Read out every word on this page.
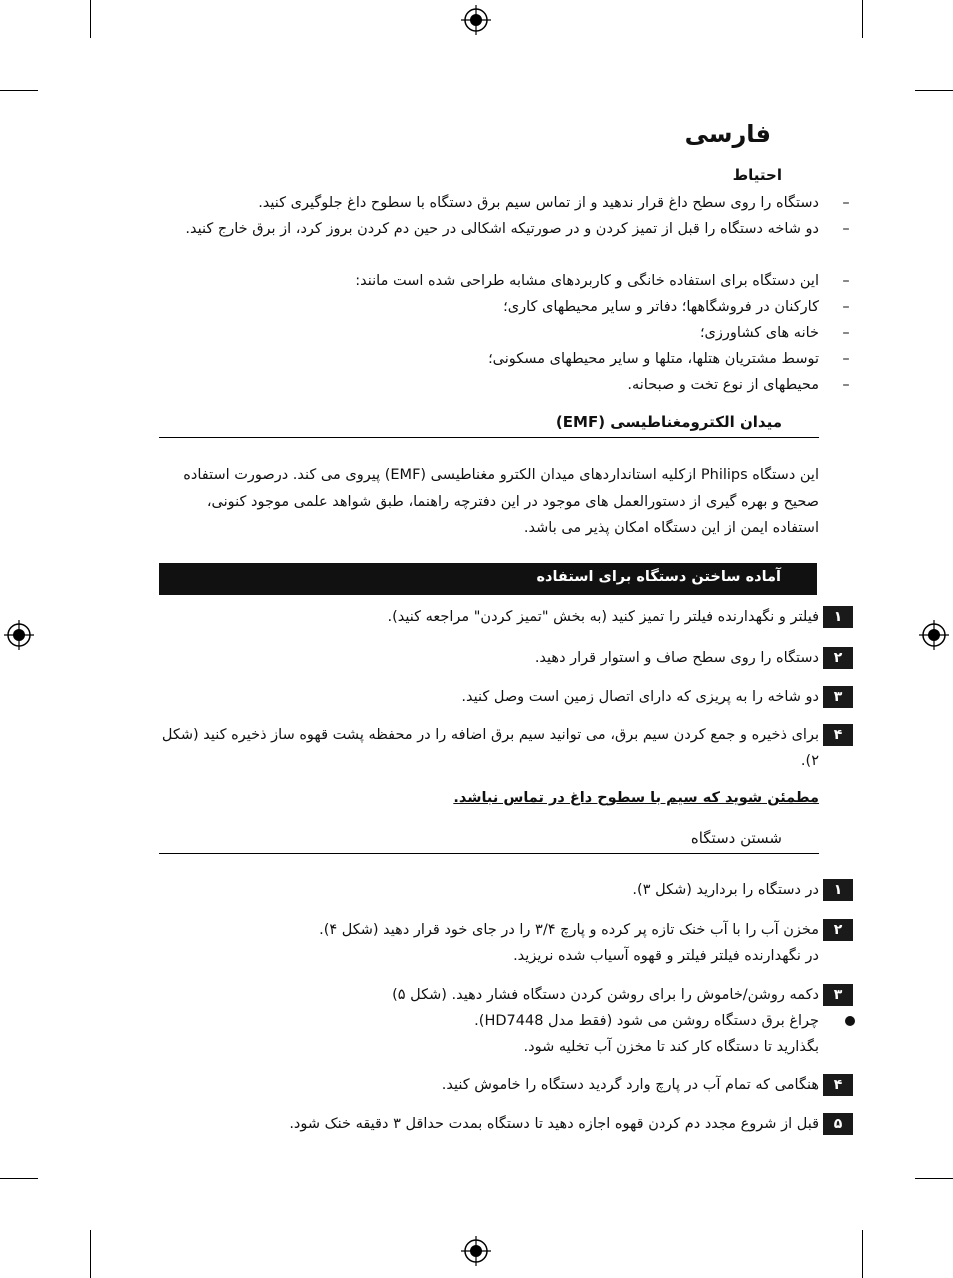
فارسی
احتیاط
–
دستگاه را روی سطح داغ قرار ندهید و از تماس سیم برق دستگاه با سطوح داغ جلوگیری کنید.
–
دو شاخه دستگاه را قبل از تمیز کردن و در صورتیکه اشکالی در حین دم کردن بروز کرد، از برق خارج کنید.
–
این دستگاه برای استفاده خانگی و کاربردهای مشابه طراحی شده است مانند:
–
کارکنان در فروشگاهها؛ دفاتر و سایر محیطهای کاری؛
–
خانه های کشاورزی؛
–
توسط مشتریان هتلها، متلها و سایر محیطهای مسکونی؛
–
محیطهای از نوع تخت و صبحانه.
میدان الکترومغناطیسی (EMF)
این دستگاه Philips ازکلیه استانداردهای میدان الکترو مغناطیسی (EMF) پیروی می کند. درصورت استفاده صحیح و بهره گیری از دستورالعمل های موجود در این دفترچه راهنما، طبق شواهد علمی موجود کنونی، استفاده ایمن از این دستگاه امکان پذیر می باشد.
آماده ساختن دستگاه برای استفاده
۱
فیلتر و نگهدارنده فیلتر را تمیز کنید (به بخش "تمیز کردن" مراجعه کنید).
۲
دستگاه را روی سطح صاف و استوار قرار دهید.
۳
دو شاخه را به پریزی که دارای اتصال زمین است وصل کنید.
۴
برای ذخیره و جمع کردن سیم برق، می توانید سیم برق اضافه را در محفظه پشت قهوه ساز ذخیره کنید (شکل ۲).
مطمئن شوید که سیم با سطوح داغ در تماس نباشد.
شستن دستگاه
۱
در دستگاه را بردارید (شکل ۳).
۲
مخزن آب را با آب خنک تازه پر کرده و پارچ ۳/۴ را در جای خود قرار دهید (شکل ۴).
در نگهدارنده فیلتر فیلتر و قهوه آسیاب شده نریزید.
۳
دکمه روشن/خاموش را برای روشن کردن دستگاه فشار دهید. (شکل ۵)
چراغ برق دستگاه روشن می شود (فقط مدل HD7448).
بگذارید تا دستگاه کار کند تا مخزن آب تخلیه شود.
۴
هنگامی که تمام آب در پارچ وارد گردید دستگاه را خاموش کنید.
۵
قبل از شروع مجدد دم کردن قهوه اجازه دهید تا دستگاه بمدت حداقل ۳ دقیقه خنک شود.
